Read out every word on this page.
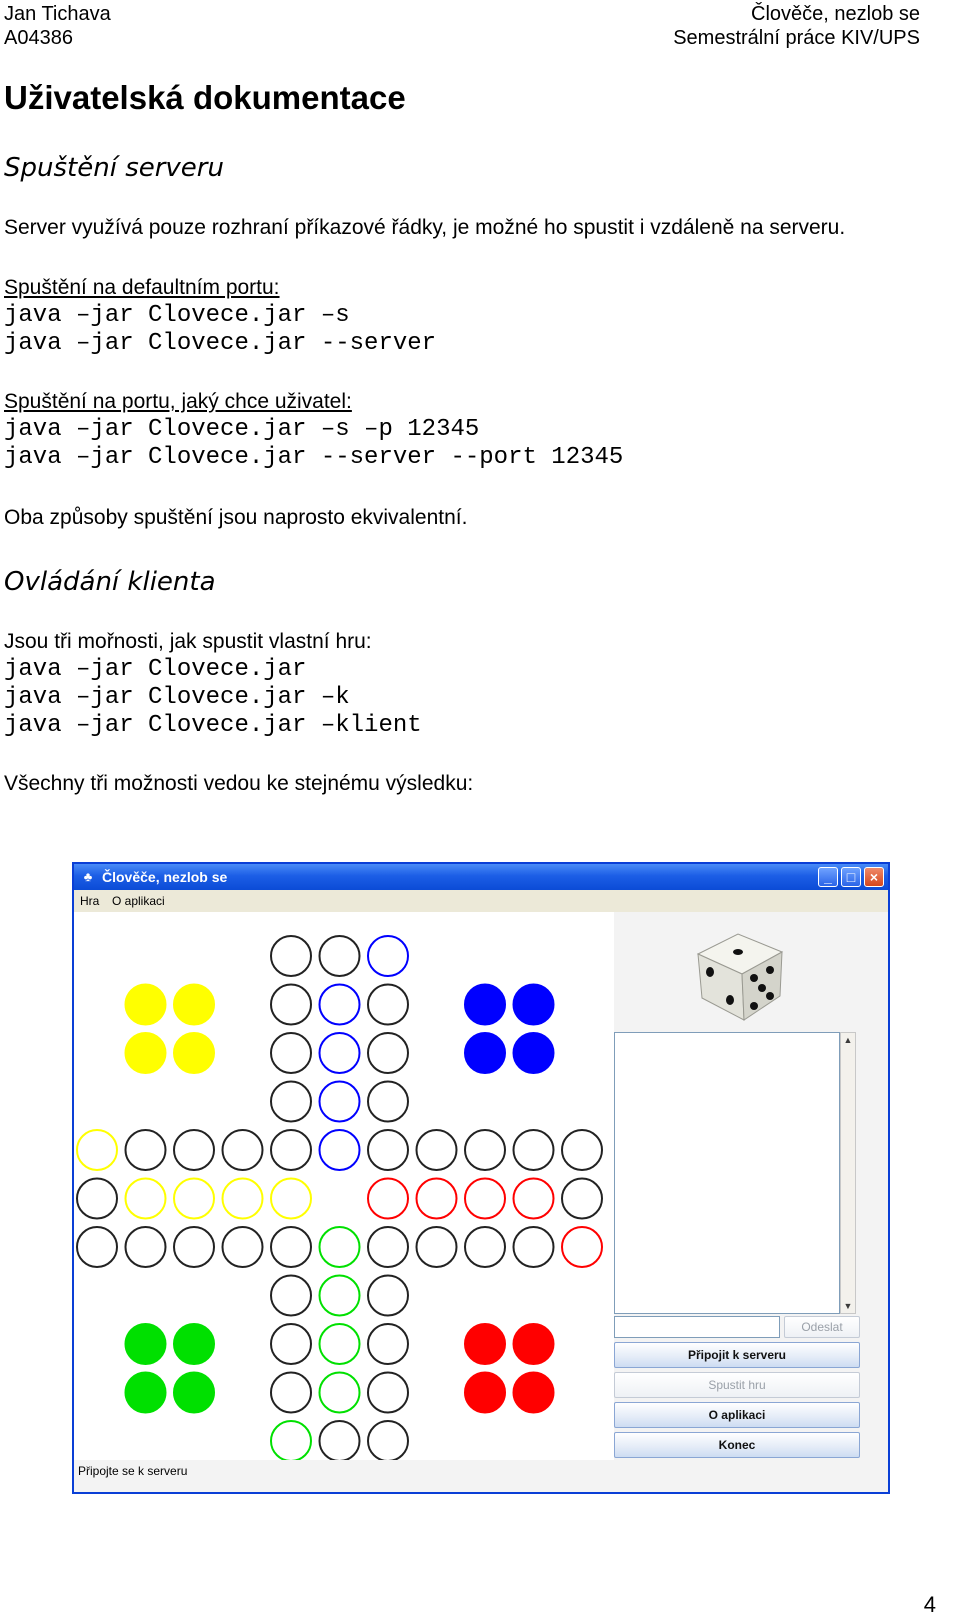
Jan Tichava
A04386
Člověče, nezlob se
Semestrální práce KIV/UPS
Uživatelská dokumentace
Spuštění serveru
Server využívá pouze rozhraní příkazové řádky, je možné ho spustit i vzdáleně na serveru.
Spuštění na defaultním portu:
java –jar Clovece.jar –s
java –jar Clovece.jar --server
Spuštění na portu, jaký chce uživatel:
java –jar Clovece.jar –s –p 12345
java –jar Clovece.jar --server --port 12345
Oba způsoby spuštění jsou naprosto ekvivalentní.
Ovládání klienta
Jsou tři mořnosti, jak spustit vlastní hru:
java –jar Clovece.jar
java –jar Clovece.jar –k
java –jar Clovece.jar –klient
Všechny tři možnosti vedou ke stejnému výsledku:
♣ Člověče, nezlob se	_	□	×
Hra O aplikaci
Připojte se k serveru
▲
▼
Odeslat
Připojit k serveru
Spustit hru
O aplikaci
Konec
4
